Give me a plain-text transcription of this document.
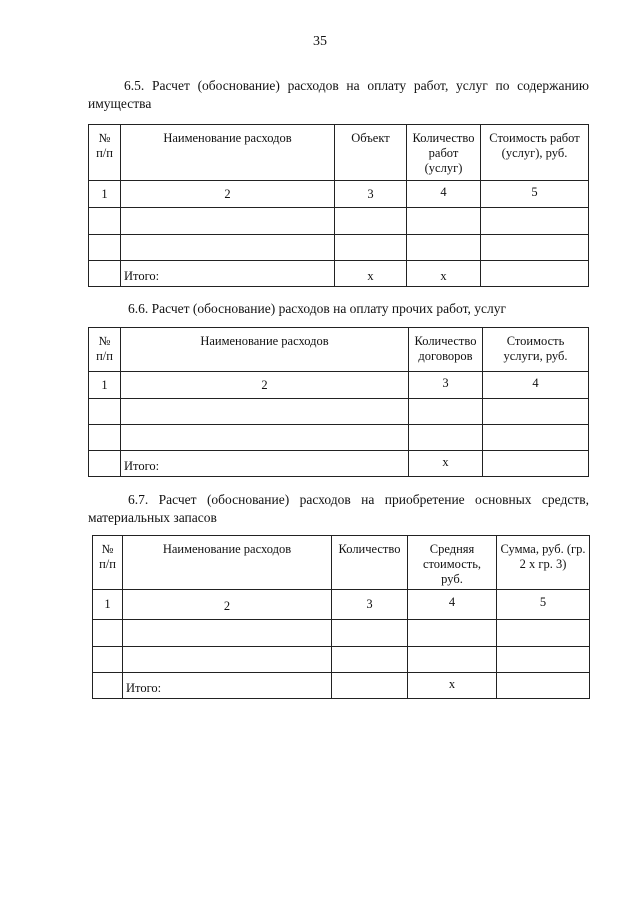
35
6.5. Расчет (обоснование) расходов на оплату работ, услуг по содержанию
имущества
№ п/п	Наименование расходов	Объект	Количество работ (услуг)	Стоимость работ (услуг), руб.
1	2	3	4	5

	Итого:	х	х	
6.6. Расчет (обоснование) расходов на оплату прочих работ, услуг
№ п/п	Наименование расходов	Количество договоров	Стоимость услуги, руб.
1	2	3	4

	Итого:	х	
6.7. Расчет (обоснование) расходов на приобретение основных средств,
материальных запасов
№ п/п	Наименование расходов	Количество	Средняя стоимость, руб.	Сумма, руб. (гр. 2 х гр. 3)
1	2	3	4	5

	Итого:		х	
